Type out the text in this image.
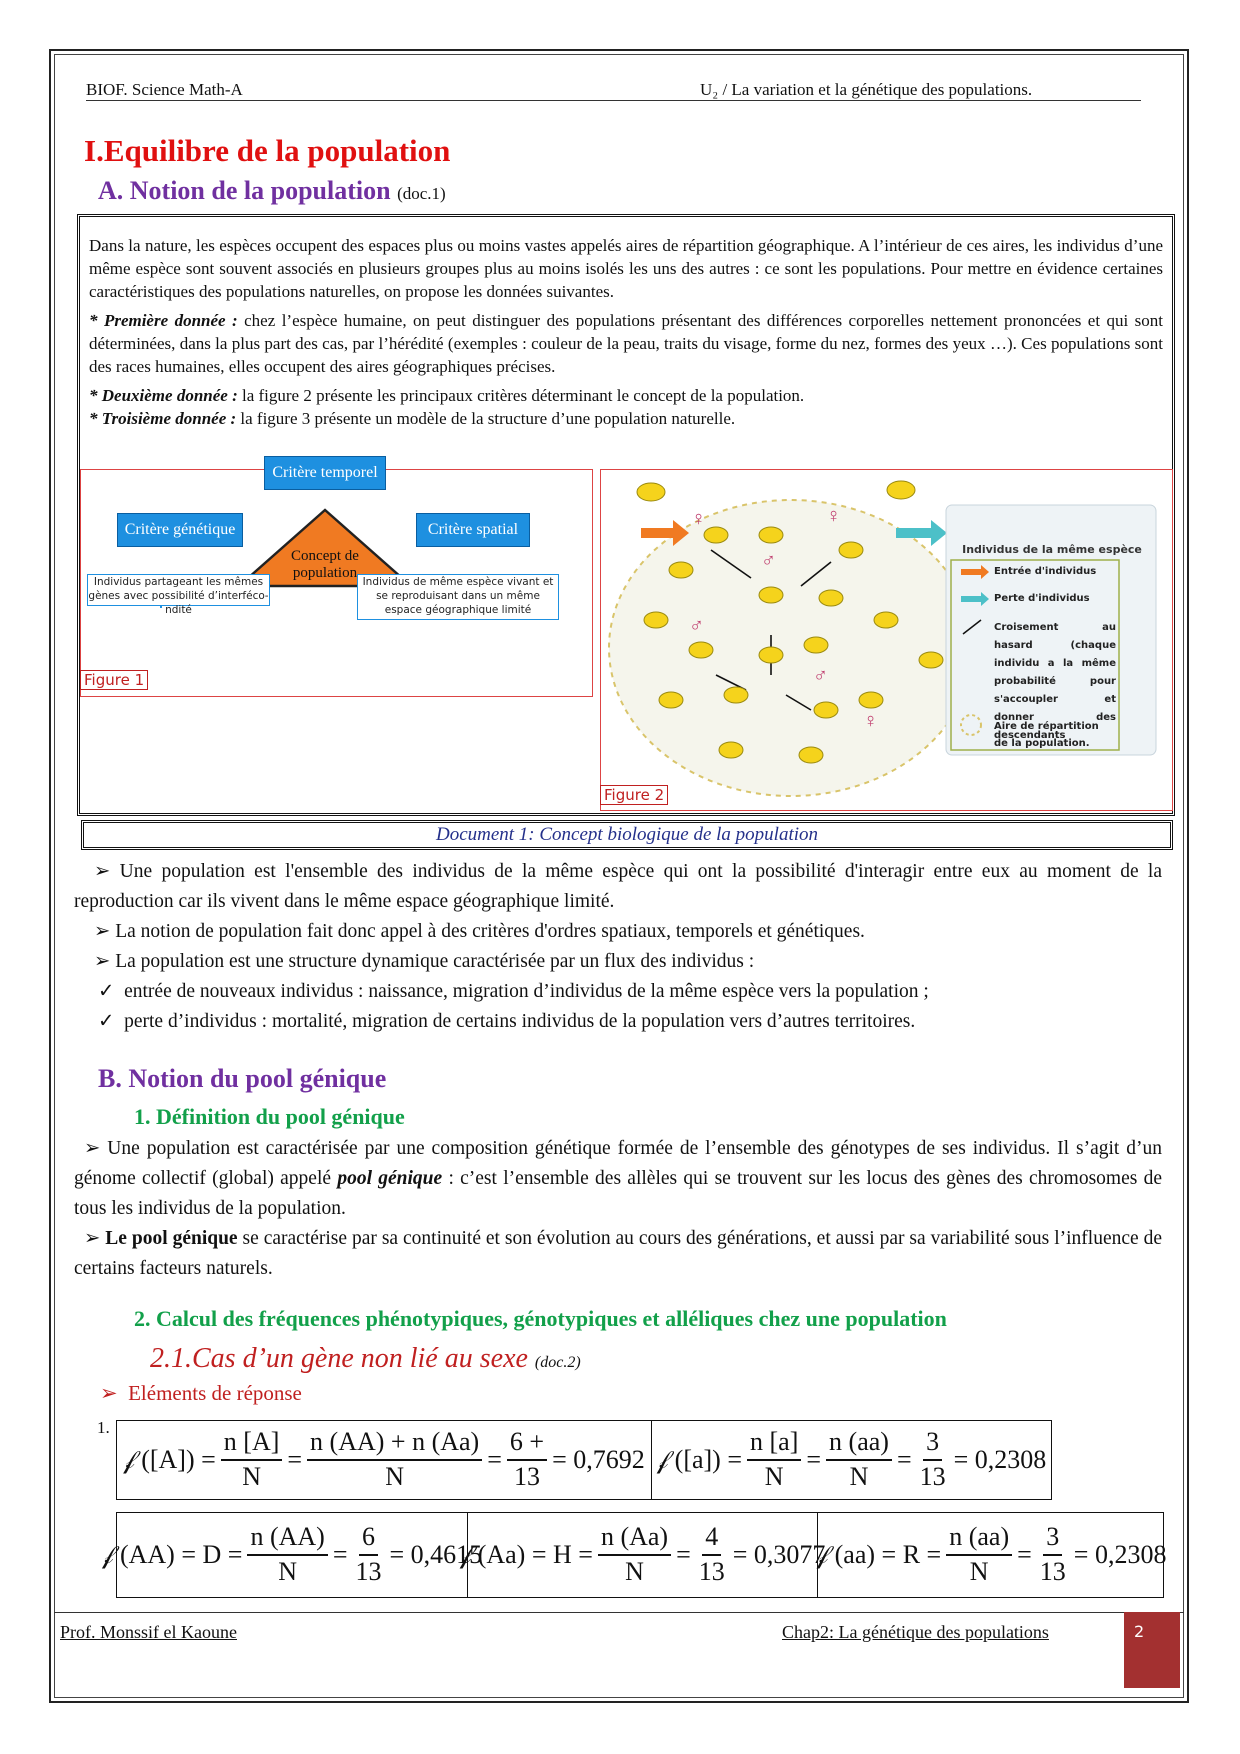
BIOF. Science Math-A	U₂ / La variation et la génétique des populations.
I.Equilibre de la population
A. Notion de la population (doc.1)

Dans la nature, les espèces occupent des espaces plus ou moins vastes appelés aires de répartition géographique. A l’intérieur de ces aires, les individus d’une même espèce sont souvent associés en plusieurs groupes plus au moins isolés les uns des autres : ce sont les populations. Pour mettre en évidence certaines caractéristiques des populations naturelles, on propose les données suivantes.

* Première donnée : chez l’espèce humaine, on peut distinguer des populations présentant des différences corporelles nettement prononcées et qui sont déterminées, dans la plus part des cas, par l’hérédité (exemples : couleur de la peau, traits du visage, forme du nez, formes des yeux …). Ces populations sont des races humaines, elles occupent des aires géographiques précises.

* Deuxième donnée : la figure 2 présente les principaux critères déterminant le concept de la population.

* Troisième donnée : la figure 3 présente un modèle de la structure d’une population naturelle.

Critère temporel
Critère génétique	Critère spatial
Concept de population
Individus partageant les mêmes gènes avec possibilité d’interfécondité
Individus de même espèce vivant et se reproduisant dans un même espace géographique limité
Figure 1
♀	♀
♂
♂
♂
♀
Individus de la même espèce
Entrée d'individus
Perte d'individus
Croisement au hasard (chaque individu a la même probabilité pour s'accoupler et donner des descendants
Aire de répartition de la population.
Figure 2
Document 1: Concept biologique de la population
➢ Une population est l'ensemble des individus de la même espèce qui ont la possibilité d'interagir entre eux au moment de la reproduction car ils vivent dans le même espace géographique limité.
➢ La notion de population fait donc appel à des critères d'ordres spatiaux, temporels et génétiques.
➢ La population est une structure dynamique caractérisée par un flux des individus :
✓  entrée de nouveaux individus : naissance, migration d’individus de la même espèce vers la population ;
✓  perte d’individus : mortalité, migration de certains individus de la population vers d’autres territoires.
B. Notion du pool génique
1. Définition du pool génique
➢ Une population est caractérisée par une composition génétique formée de l’ensemble des génotypes de ses individus. Il s’agit d’un génome collectif (global) appelé pool génique : c’est l’ensemble des allèles qui se trouvent sur les locus des gènes des chromosomes de tous les individus de la population.
➢ Le pool génique se caractérise par sa continuité et son évolution au cours des générations, et aussi par sa variabilité sous l’influence de certains facteurs naturels.
2. Calcul des fréquences phénotypiques, génotypiques et alléliques chez une population
2.1.Cas d’un gène non lié au sexe (doc.2)
➢  Eléments de réponse
1.
𝒻 $([A]) = \frac{n [A]}{N} = \frac{n (AA) + n (Aa)}{N} = \frac{6 +}{13} = 0,7692$ 𝒻 $([a]) = \frac{n [a]}{N} = \frac{n (aa)}{N} = \frac{3}{13} = 0,2308$
𝒻 $(AA) = D = \frac{n (AA)}{N} = \frac{6}{13} = 0,4615$
𝒻 $(Aa) = H = \frac{n (Aa)}{N} = \frac{4}{13} = 0,3077$
𝒻 $(aa) = R = \frac{n (aa)}{N} = \frac{3}{13} = 0,2308$
Prof. Monssif el Kaoune	Chap2: La génétique des populations	2
